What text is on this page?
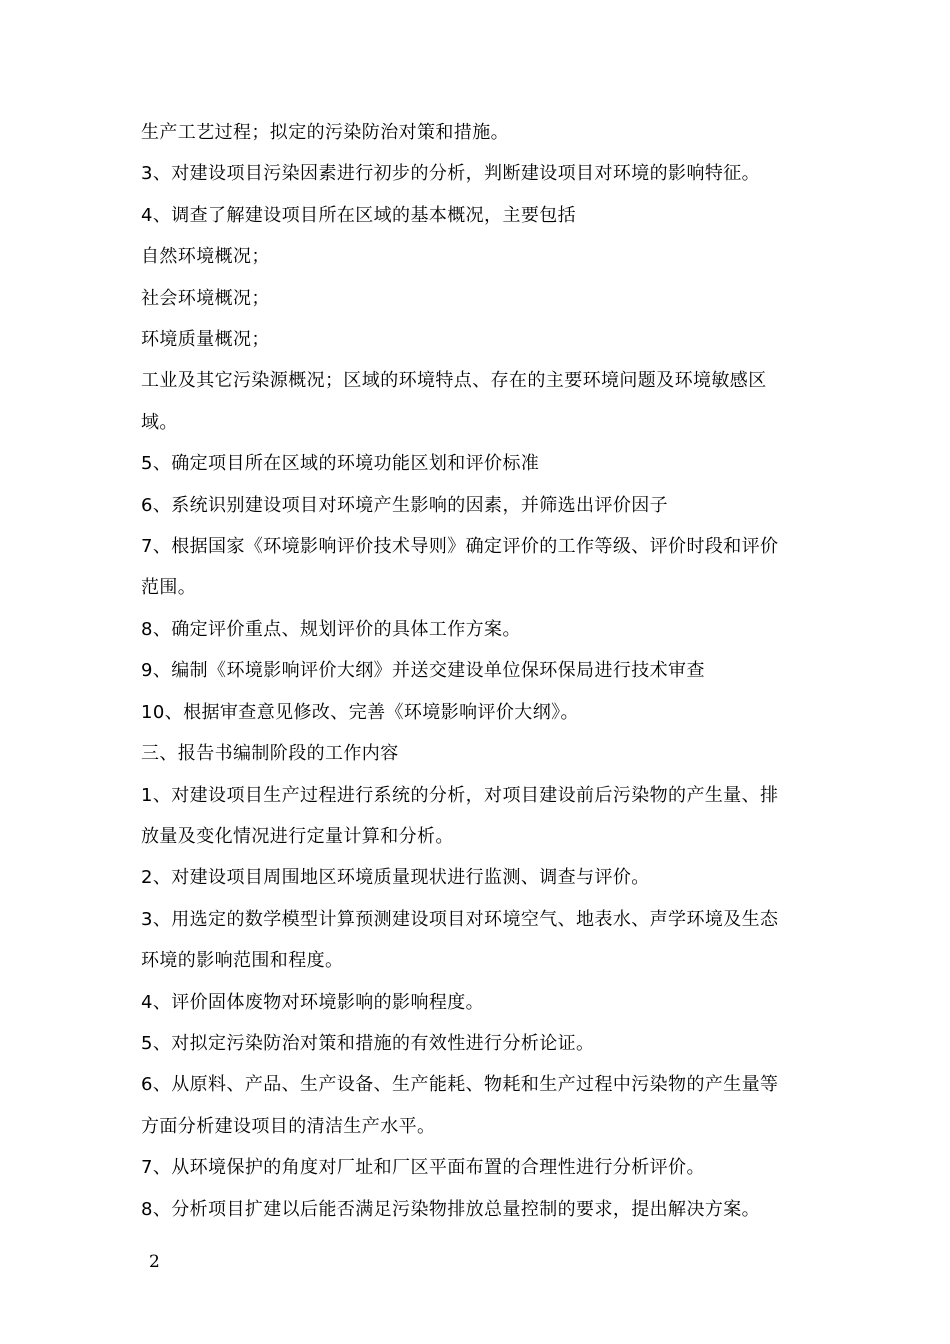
生产工艺过程；拟定的污染防治对策和措施。
3、对建设项目污染因素进行初步的分析，判断建设项目对环境的影响特征。
4、调查了解建设项目所在区域的基本概况，主要包括
自然环境概况；
社会环境概况；
环境质量概况；
工业及其它污染源概况；区域的环境特点、存在的主要环境问题及环境敏感区
域。
5、确定项目所在区域的环境功能区划和评价标准
6、系统识别建设项目对环境产生影响的因素，并筛选出评价因子
7、根据国家《环境影响评价技术导则》确定评价的工作等级、评价时段和评价
范围。
8、确定评价重点、规划评价的具体工作方案。
9、编制《环境影响评价大纲》并送交建设单位保环保局进行技术审查
10、根据审查意见修改、完善《环境影响评价大纲》。
三、报告书编制阶段的工作内容
1、对建设项目生产过程进行系统的分析，对项目建设前后污染物的产生量、排
放量及变化情况进行定量计算和分析。
2、对建设项目周围地区环境质量现状进行监测、调查与评价。
3、用选定的数学模型计算预测建设项目对环境空气、地表水、声学环境及生态
环境的影响范围和程度。
4、评价固体废物对环境影响的影响程度。
5、对拟定污染防治对策和措施的有效性进行分析论证。
6、从原料、产品、生产设备、生产能耗、物耗和生产过程中污染物的产生量等
方面分析建设项目的清洁生产水平。
7、从环境保护的角度对厂址和厂区平面布置的合理性进行分析评价。
8、分析项目扩建以后能否满足污染物排放总量控制的要求，提出解决方案。
2
